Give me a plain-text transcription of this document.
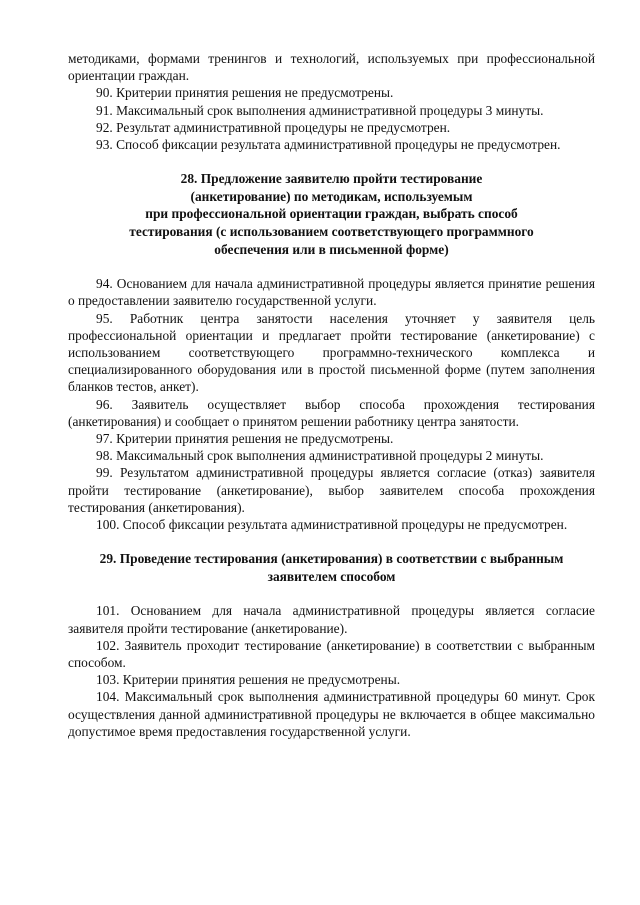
методиками, формами тренингов и технологий, используемых при профессиональной ориентации граждан.

90. Критерии принятия решения не предусмотрены.

91. Максимальный срок выполнения административной процедуры 3 минуты.

92. Результат административной процедуры не предусмотрен.

93. Способ фиксации результата административной процедуры не предусмотрен.

28. Предложение заявителю пройти тестирование

(анкетирование) по методикам, используемым

при профессиональной ориентации граждан, выбрать способ

тестирования (с использованием соответствующего программного

обеспечения или в письменной форме)

94. Основанием для начала административной процедуры является принятие решения о предоставлении заявителю государственной услуги.

95. Работник центра занятости населения уточняет у заявителя цель профессиональной ориентации и предлагает пройти тестирование (анкетирование) с использованием соответствующего программно-технического комплекса и специализированного оборудования или в простой письменной форме (путем заполнения бланков тестов, анкет).

96. Заявитель осуществляет выбор способа прохождения тестирования (анкетирования) и сообщает о принятом решении работнику центра занятости.

97. Критерии принятия решения не предусмотрены.

98. Максимальный срок выполнения административной процедуры 2 минуты.

99. Результатом административной процедуры является согласие (отказ) заявителя пройти тестирование (анкетирование), выбор заявителем способа прохождения тестирования (анкетирования).

100. Способ фиксации результата административной процедуры не предусмотрен.

29. Проведение тестирования (анкетирования) в соответствии с выбранным

заявителем способом

101. Основанием для начала административной процедуры является согласие заявителя пройти тестирование (анкетирование).

102. Заявитель проходит тестирование (анкетирование) в соответствии с выбранным способом.

103. Критерии принятия решения не предусмотрены.

104. Максимальный срок выполнения административной процедуры 60 минут. Срок осуществления данной административной процедуры не включается в общее максимально допустимое время предоставления государственной услуги.
